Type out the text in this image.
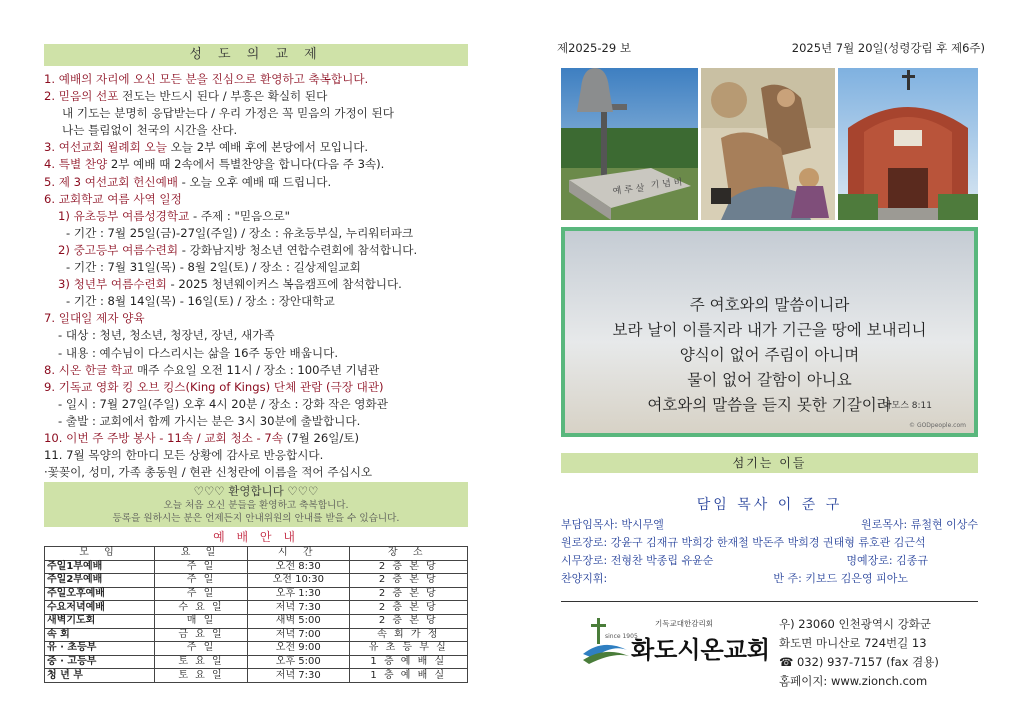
성 도 의 교 제
1. 예배의 자리에 오신 모든 분을 진심으로 환영하고 축복합니다.
2. 믿음의 선포 전도는 반드시 된다 / 부흥은 확실히 된다
내 기도는 분명히 응답받는다 / 우리 가정은 꼭 믿음의 가정이 된다
나는 틀림없이 천국의 시간을 산다.
3. 여선교회 월례회 오늘 오늘 2부 예배 후에 본당에서 모입니다.
4. 특별 찬양 2부 예배 때 2속에서 특별찬양을 합니다(다음 주 3속).
5. 제 3 여선교회 헌신예배 - 오늘 오후 예배 때 드립니다.
6. 교회학교 여름 사역 일정
1) 유초등부 여름성경학교 - 주제 : "믿음으로"
- 기간 : 7월 25일(금)-27일(주일) / 장소 : 유초등부실, 누리워터파크
2) 중고등부 여름수련회 - 강화남지방 청소년 연합수련회에 참석합니다.
- 기간 : 7월 31일(목) - 8월 2일(토) / 장소 : 길상제일교회
3) 청년부 여름수련회 - 2025 청년웨이커스 복음캠프에 참석합니다.
- 기간 : 8월 14일(목) - 16일(토) / 장소 : 장안대학교
7. 일대일 제자 양육
- 대상 : 청년, 청소년, 청장년, 장년, 새가족
- 내용 : 예수님이 다스리시는 삶을 16주 동안 배웁니다.
8. 시온 한글 학교 매주 수요일 오전 11시 / 장소 : 100주년 기념관
9. 기독교 영화 킹 오브 킹스(King of Kings) 단체 관람 (극장 대관)
- 일시 : 7월 27일(주일) 오후 4시 20분 / 장소 : 강화 작은 영화관
- 출발 : 교회에서 함께 가시는 분은 3시 30분에 출발합니다.
10. 이번 주 주방 봉사 - 11속 / 교회 청소 - 7속 (7월 26일/토)
11. 7월 목양의 한마디 모든 상황에 감사로 반응합시다.
·꽃꽂이, 성미, 가족 총동원 / 현관 신청란에 이름을 적어 주십시오
♡♡♡ 환영합니다 ♡♡♡
오늘 처음 오신 분들을 환영하고 축복합니다.
등록을 원하시는 분은 언제든지 안내위원의 안내를 받을 수 있습니다.
예 배 안 내
모 임	요 일	시 간	장 소
주일1부예배	주 일	오전 8:30	2 층 본 당
주일2부예배	주 일	오전 10:30	2 층 본 당
주일오후예배	주 일	오후 1:30	2 층 본 당
수요저녁예배	수 요 일	저녁 7:30	2 층 본 당
새벽기도회	매 일	새벽 5:00	2 층 본 당
속 회	금 요 일	저녁 7:00	속 회 가 정
유 · 초등부	주 일	오전 9:00	유 초 등 부 실
중 · 고등부	토 요 일	오후 5:00	1 층 예 배 실
청 년 부	토 요 일	저녁 7:30	1 층 예 배 실
제2025-29 보	2025년 7월 20일(성령강림 후 제6주)
예 루 살 기 념 비
주 여호와의 말씀이니라
보라 날이 이를지라 내가 기근을 땅에 보내리니
양식이 없어 주림이 아니며
물이 없어 갈함이 아니요
여호와의 말씀을 듣지 못한 기갈이라
아모스 8:11
© GODpeople.com
섬기는 이들
담임 목사 이 준 구
부담임목사: 박시무엘	원로목사: 류철현 이상수
원로장로: 강윤구 김재규 박희강 한재철 박돈주 박희경 권태형 류호관 김근석
시무장로: 전형찬 박종립 유윤순	명예장로: 김종규
찬양지휘:	반 주: 키보드 김은영 피아노
since 1905
기독교대한감리회
화도시온교회
우) 23060 인천광역시 강화군
화도면 마니산로 724번길 13
☎ 032) 937-7157 (fax 겸용)
홈페이지: www.zionch.com
